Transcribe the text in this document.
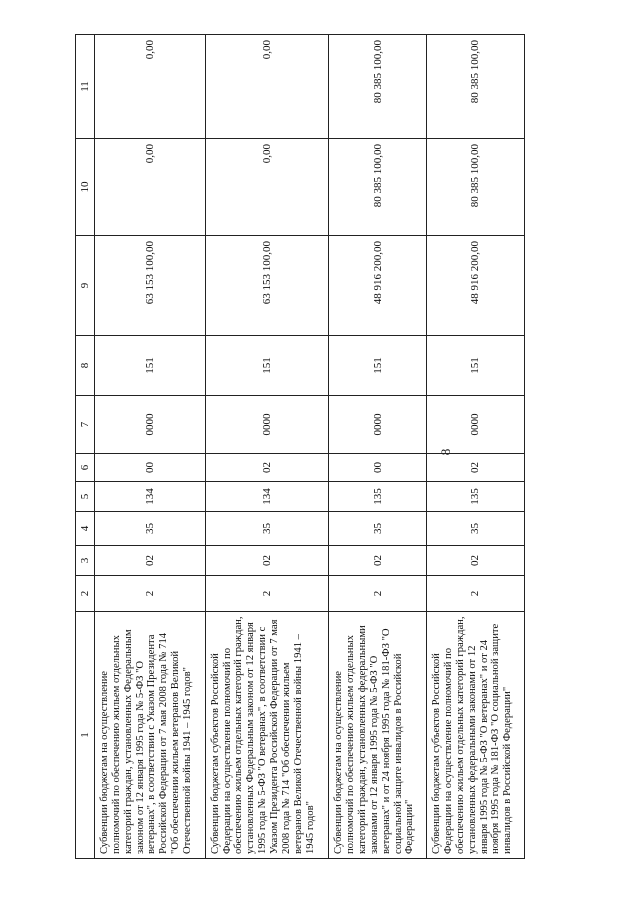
8
1	2	3	4	5	6	7	8	9	10	11
Субвенции бюджетам на осуществление полномочий по обеспечению жильем отдельных категорий граждан, установленных Федеральным законом от 12 января 1995 года № 5-ФЗ "О ветеранах", в соответствии с Указом Президента Российской Федерации от 7 мая 2008 года № 714 "Об обеспечении жильем ветеранов Великой Отечественной войны 1941 – 1945 годов"	2	02	35	134	00	0000	151	63 153 100,00	0,00	0,00
Субвенции бюджетам субъектов Российской Федерации на осуществление полномочий по обеспечению жильем отдельных категорий граждан, установленных Федеральным законом от 12 января 1995 года № 5-ФЗ "О ветеранах", в соответствии с Указом Президента Российской Федерации от 7 мая 2008 года № 714 "Об обеспечении жильем ветеранов Великой Отечественной войны 1941 – 1945 годов"	2	02	35	134	02	0000	151	63 153 100,00	0,00	0,00
Субвенции бюджетам на осуществление полномочий по обеспечению жильем отдельных категорий граждан, установленных федеральными законами от 12 января 1995 года № 5-ФЗ "О ветеранах" и от 24 ноября 1995 года № 181-ФЗ "О социальной защите инвалидов в Российской Федерации"	2	02	35	135	00	0000	151	48 916 200,00	80 385 100,00	80 385 100,00
Субвенции бюджетам субъектов Российской Федерации на осуществление полномочий по обеспечению жильем отдельных категорий граждан, установленных федеральными законами от 12 января 1995 года № 5-ФЗ "О ветеранах" и от 24 ноября 1995 года № 181-ФЗ "О социальной защите инвалидов в Российской Федерации"	2	02	35	135	02	0000	151	48 916 200,00	80 385 100,00	80 385 100,00
